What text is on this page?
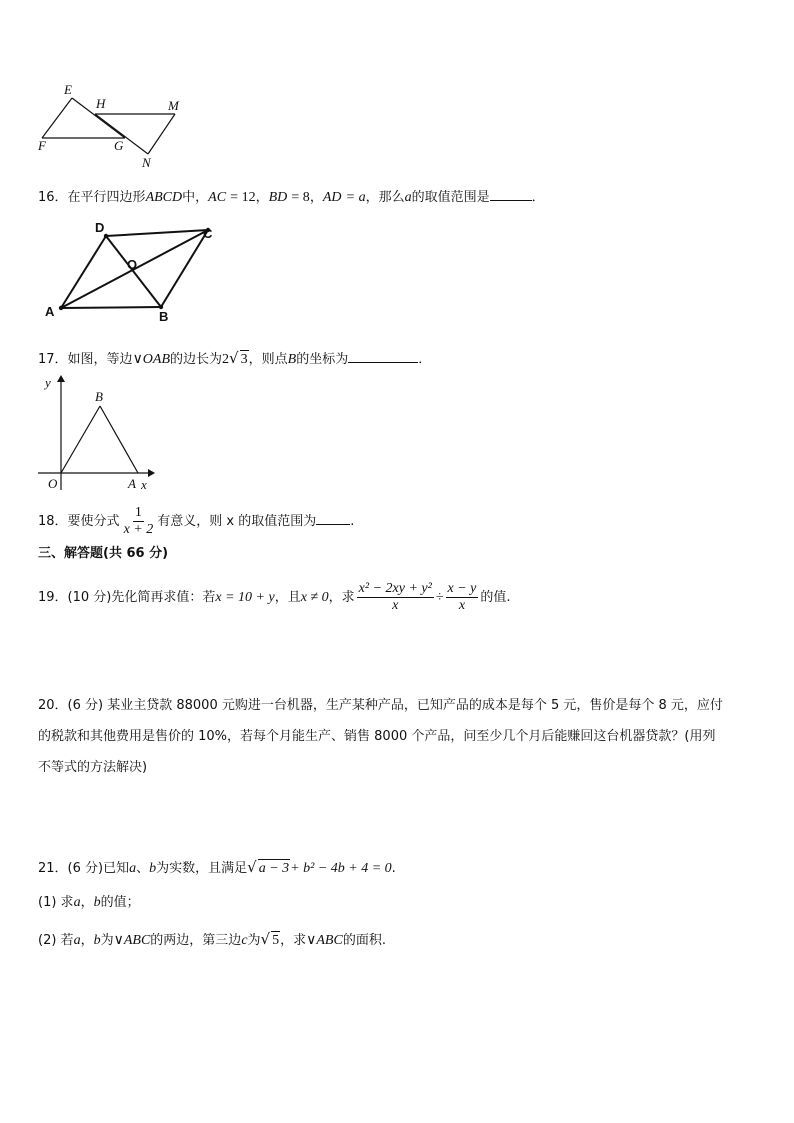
E
H	M
F	G
N
16．在平行四边形ABCD中，AC = 12，BD = 8，AD = a，那么a的取值范围是	．
D	C
O
A	B
17．如图，等边∨OAB的边长为2√ 3，则点B的坐标为	．
y
B
O	A x
18．要使分式 $\frac{1}{x + 2}$ 有意义，则 x 的取值范围为	.
三、解答题(共 66 分)
19．(10 分)先化简再求值：若x = 10 + y，且x ≠ 0，求 $\frac{\text{x² − 2xy + y²}}{x} \div \frac{x - y}{x}$ 的值.
20．(6 分) 某业主贷款 88000 元购进一台机器，生产某种产品，已知产品的成本是每个 5 元，售价是每个 8 元，应付
的税款和其他费用是售价的 10%，若每个月能生产、销售 8000 个产品，问至少几个月后能赚回这台机器贷款？(用列
不等式的方法解决)
21．(6 分)已知a、b为实数，且满足√ a − 3+ b² − 4b + 4 = 0.
(1) 求a，b的值；
(2) 若a，b为∨ABC的两边，第三边c为√ 5，求∨ABC的面积.
